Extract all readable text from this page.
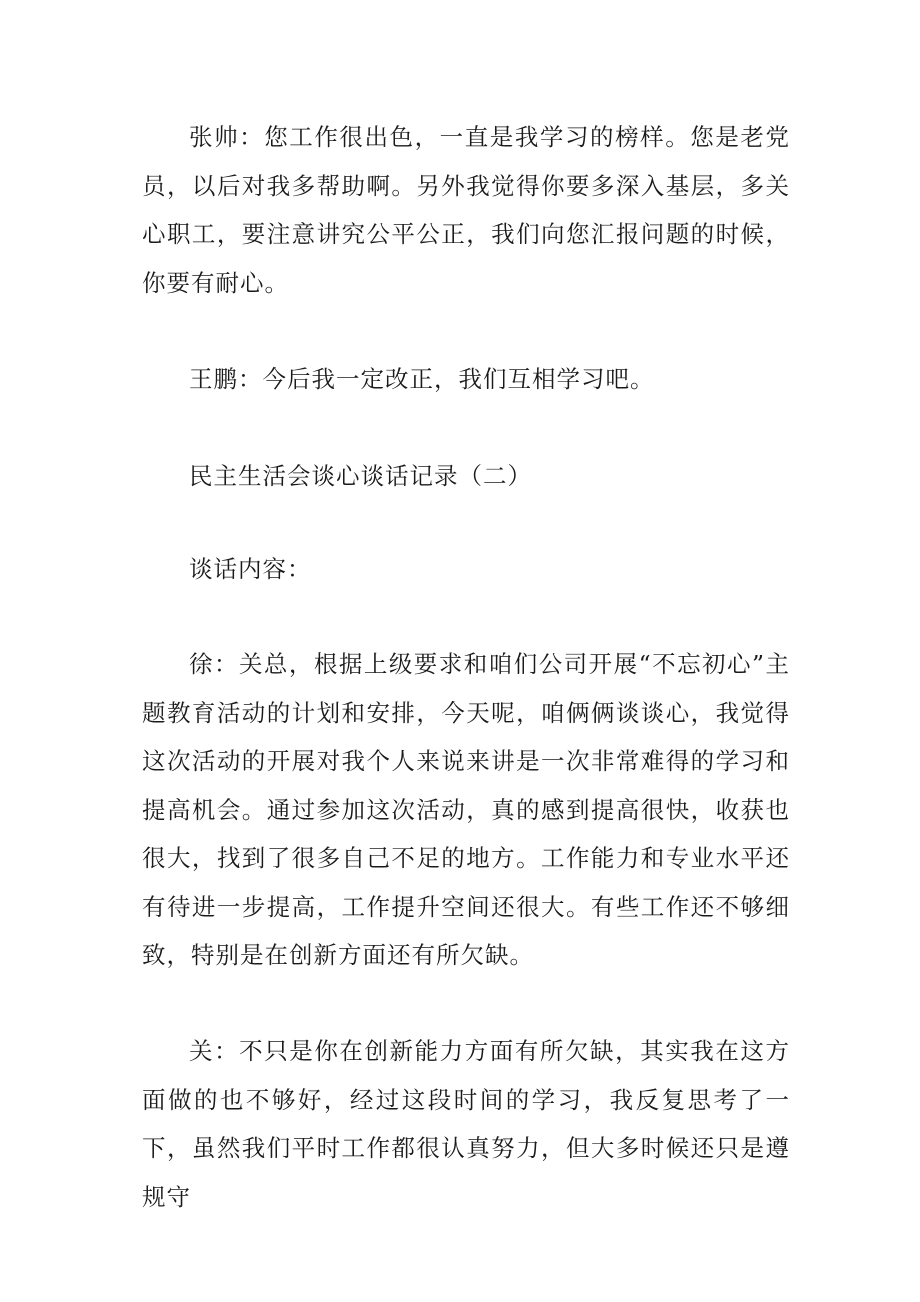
张帅：您工作很出色，一直是我学习的榜样。您是老党员，以后对我多帮助啊。另外我觉得你要多深入基层，多关心职工，要注意讲究公平公正，我们向您汇报问题的时候，你要有耐心。

王鹏：今后我一定改正，我们互相学习吧。

民主生活会谈心谈话记录（二）

谈话内容：

徐：关总，根据上级要求和咱们公司开展“不忘初心”主题教育活动的计划和安排，今天呢，咱俩俩谈谈心，我觉得这次活动的开展对我个人来说来讲是一次非常难得的学习和提高机会。通过参加这次活动，真的感到提高很快，收获也很大，找到了很多自己不足的地方。工作能力和专业水平还有待进一步提高，工作提升空间还很大。有些工作还不够细致，特别是在创新方面还有所欠缺。

关：不只是你在创新能力方面有所欠缺，其实我在这方面做的也不够好，经过这段时间的学习，我反复思考了一下，虽然我们平时工作都很认真努力，但大多时候还只是遵规守
